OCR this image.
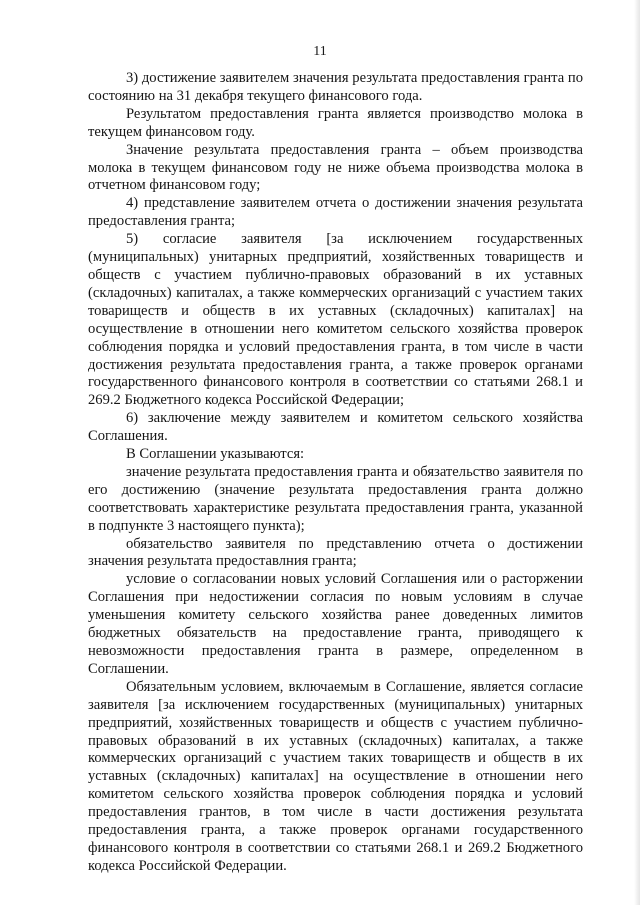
11

3) достижение заявителем значения результата предоставления гранта по состоянию на 31 декабря текущего финансового года.

Результатом предоставления гранта является производство молока в текущем финансовом году.

Значение результата предоставления гранта – объем производства молока в текущем финансовом году не ниже объема производства молока в отчетном финансовом году;

4) представление заявителем отчета о достижении значения результата предоставления гранта;

5) согласие заявителя [за исключением государственных (муниципальных) унитарных предприятий, хозяйственных товариществ и обществ с участием публично-правовых образований в их уставных (складочных) капиталах, а также коммерческих организаций с участием таких товариществ и обществ в их уставных (складочных) капиталах] на осуществление в отношении него комитетом сельского хозяйства проверок соблюдения порядка и условий предоставления гранта, в том числе в части достижения результата предоставления гранта, а также проверок органами государственного финансового контроля в соответствии со статьями 268.1 и 269.2 Бюджетного кодекса Российской Федерации;

6) заключение между заявителем и комитетом сельского хозяйства Соглашения.

В Соглашении указываются:

значение результата предоставления гранта и обязательство заявителя по его достижению (значение результата предоставления гранта должно соответствовать характеристике результата предоставления гранта, указанной в подпункте 3 настоящего пункта);

обязательство заявителя по представлению отчета о достижении значения результата предоставлния гранта;

условие о согласовании новых условий Соглашения или о расторжении Соглашения при недостижении согласия по новым условиям в случае уменьшения комитету сельского хозяйства ранее доведенных лимитов бюджетных обязательств на предоставление гранта, приводящего к невозможности предоставления гранта в размере, определенном в Соглашении.

Обязательным условием, включаемым в Соглашение, является согласие заявителя [за исключением государственных (муниципальных) унитарных предприятий, хозяйственных товариществ и обществ с участием публично-правовых образований в их уставных (складочных) капиталах, а также коммерческих организаций с участием таких товариществ и обществ в их уставных (складочных) капиталах] на осуществление в отношении него комитетом сельского хозяйства проверок соблюдения порядка и условий предоставления грантов, в том числе в части достижения результата предоставления гранта, а также проверок органами государственного финансового контроля в соответствии со статьями 268.1 и 269.2 Бюджетного кодекса Российской Федерации.
